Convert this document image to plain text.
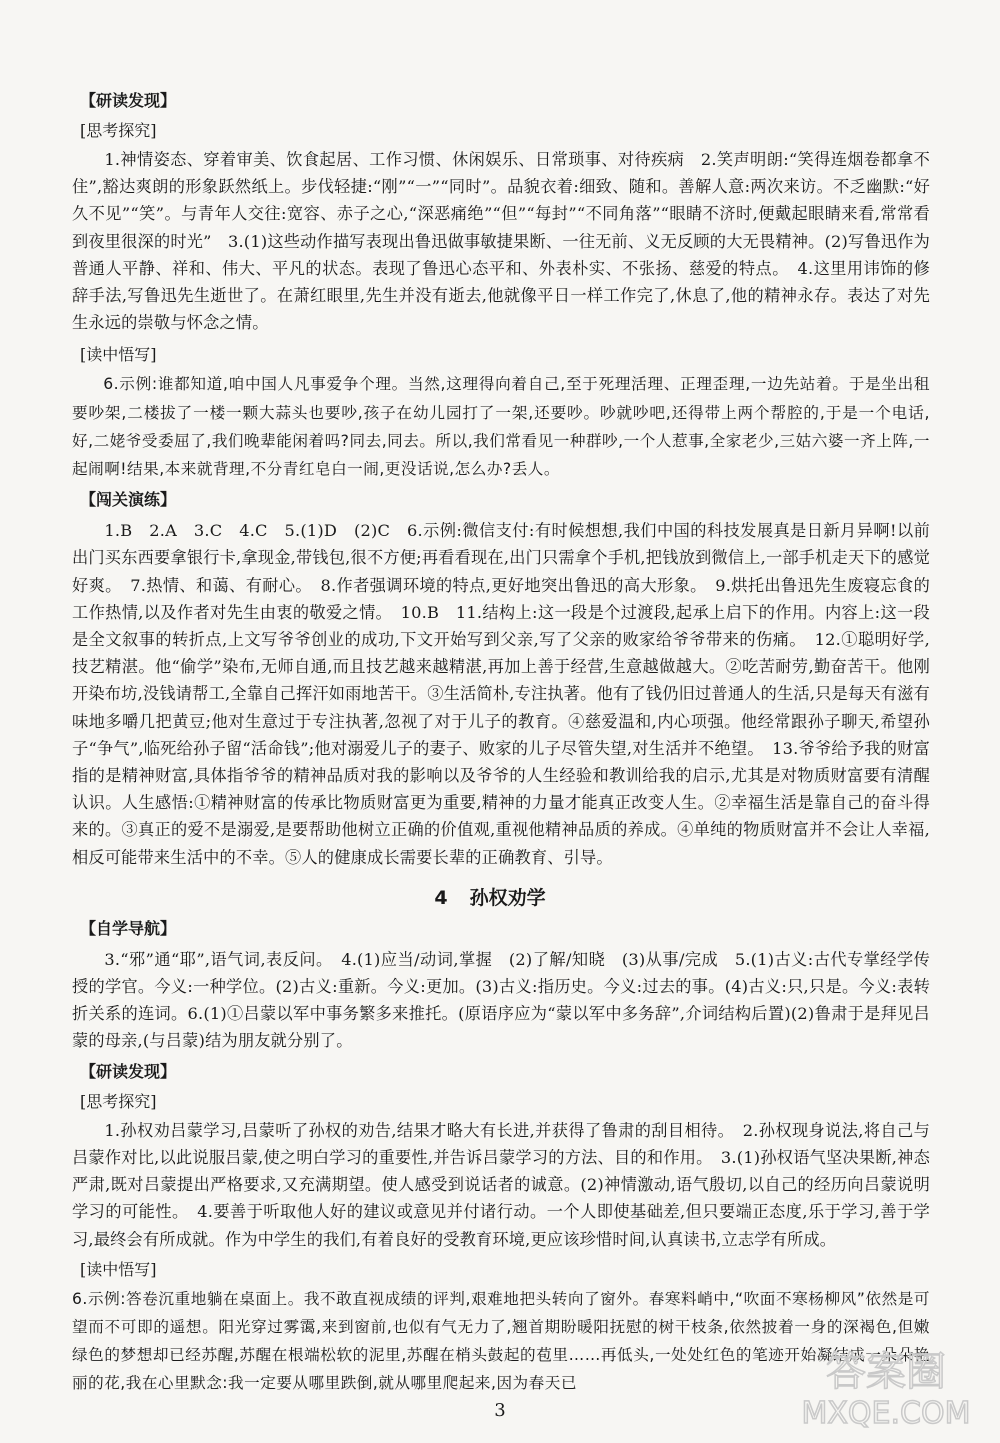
【研读发现】

[思考探究]

1.神情姿态、穿着审美、饮食起居、工作习惯、休闲娱乐、日常琐事、对待疾病　2.笑声明朗:“笑得连烟卷都拿不住”,豁达爽朗的形象跃然纸上。步伐轻捷:“刚”“一”“同时”。品貌衣着:细致、随和。善解人意:两次来访。不乏幽默:“好久不见”“笑”。与青年人交往:宽容、赤子之心,“深恶痛绝”“但”“每封”“不同角落”“眼睛不济时,便戴起眼睛来看,常常看到夜里很深的时光”　3.(1)这些动作描写表现出鲁迅做事敏捷果断、一往无前、义无反顾的大无畏精神。(2)写鲁迅作为普通人平静、祥和、伟大、平凡的状态。表现了鲁迅心态平和、外表朴实、不张扬、慈爱的特点。　4.这里用讳饰的修辞手法,写鲁迅先生逝世了。在萧红眼里,先生并没有逝去,他就像平日一样工作完了,休息了,他的精神永存。表达了对先生永远的崇敬与怀念之情。

[读中悟写]

6.示例:谁都知道,咱中国人凡事爱争个理。当然,这理得向着自己,至于死理活理、正理歪理,一边先站着。于是坐出租要吵架,二楼拔了一楼一颗大蒜头也要吵,孩子在幼儿园打了一架,还要吵。吵就吵吧,还得带上两个帮腔的,于是一个电话,好,二姥爷受委屈了,我们晚辈能闲着吗?同去,同去。所以,我们常看见一种群吵,一个人惹事,全家老少,三姑六婆一齐上阵,一起闹啊!结果,本来就背理,不分青红皂白一闹,更没话说,怎么办?丢人。

【闯关演练】

1.B　2.A　3.C　4.C　5.(1)D　(2)C　6.示例:微信支付:有时候想想,我们中国的科技发展真是日新月异啊!以前出门买东西要拿银行卡,拿现金,带钱包,很不方便;再看看现在,出门只需拿个手机,把钱放到微信上,一部手机走天下的感觉好爽。　7.热情、和蔼、有耐心。　8.作者强调环境的特点,更好地突出鲁迅的高大形象。　9.烘托出鲁迅先生废寝忘食的工作热情,以及作者对先生由衷的敬爱之情。　10.B　11.结构上:这一段是个过渡段,起承上启下的作用。内容上:这一段是全文叙事的转折点,上文写爷爷创业的成功,下文开始写到父亲,写了父亲的败家给爷爷带来的伤痛。　12.①聪明好学,技艺精湛。他“偷学”染布,无师自通,而且技艺越来越精湛,再加上善于经营,生意越做越大。②吃苦耐劳,勤奋苦干。他刚开染布坊,没钱请帮工,全靠自己挥汗如雨地苦干。③生活简朴,专注执著。他有了钱仍旧过普通人的生活,只是每天有滋有味地多嚼几把黄豆;他对生意过于专注执著,忽视了对于儿子的教育。④慈爱温和,内心项强。他经常跟孙子聊天,希望孙子“争气”,临死给孙子留“活命钱”;他对溺爱儿子的妻子、败家的儿子尽管失望,对生活并不绝望。　13.爷爷给予我的财富指的是精神财富,具体指爷爷的精神品质对我的影响以及爷爷的人生经验和教训给我的启示,尤其是对物质财富要有清醒认识。人生感悟:①精神财富的传承比物质财富更为重要,精神的力量才能真正改变人生。②幸福生活是靠自己的奋斗得来的。③真正的爱不是溺爱,是要帮助他树立正确的价值观,重视他精神品质的养成。④单纯的物质财富并不会让人幸福,相反可能带来生活中的不幸。⑤人的健康成长需要长辈的正确教育、引导。

4 孙权劝学

【自学导航】

3.“邪”通“耶”,语气词,表反问。　4.(1)应当/动词,掌握　(2)了解/知晓　(3)从事/完成　5.(1)古义:古代专掌经学传授的学官。今义:一种学位。(2)古义:重新。今义:更加。(3)古义:指历史。今义:过去的事。(4)古义:只,只是。今义:表转折关系的连词。6.(1)①吕蒙以军中事务繁多来推托。(原语序应为“蒙以军中多务辞”,介词结构后置)(2)鲁肃于是拜见吕蒙的母亲,(与吕蒙)结为朋友就分别了。

【研读发现】

[思考探究]

1.孙权劝吕蒙学习,吕蒙听了孙权的劝告,结果才略大有长进,并获得了鲁肃的刮目相待。　2.孙权现身说法,将自己与吕蒙作对比,以此说服吕蒙,使之明白学习的重要性,并告诉吕蒙学习的方法、目的和作用。　3.(1)孙权语气坚决果断,神态严肃,既对吕蒙提出严格要求,又充满期望。使人感受到说话者的诚意。(2)神情激动,语气殷切,以自己的经历向吕蒙说明学习的可能性。　4.要善于听取他人好的建议或意见并付诸行动。一个人即使基础差,但只要端正态度,乐于学习,善于学习,最终会有所成就。作为中学生的我们,有着良好的受教育环境,更应该珍惜时间,认真读书,立志学有所成。

[读中悟写]

6.示例:答卷沉重地躺在桌面上。我不敢直视成绩的评判,艰难地把头转向了窗外。春寒料峭中,“吹面不寒杨柳风”依然是可望而不可即的遥想。阳光穿过雾霭,来到窗前,也似有气无力了,翘首期盼暖阳抚慰的树干枝条,依然披着一身的深褐色,但嫩绿色的梦想却已经苏醒,苏醒在根端松软的泥里,苏醒在梢头鼓起的苞里……再低头,一处处红色的笔迹开始凝结成一朵朵艳丽的花,我在心里默念:我一定要从哪里跌倒,就从哪里爬起来,因为春天已

3
答案圈
MXQE.COM
